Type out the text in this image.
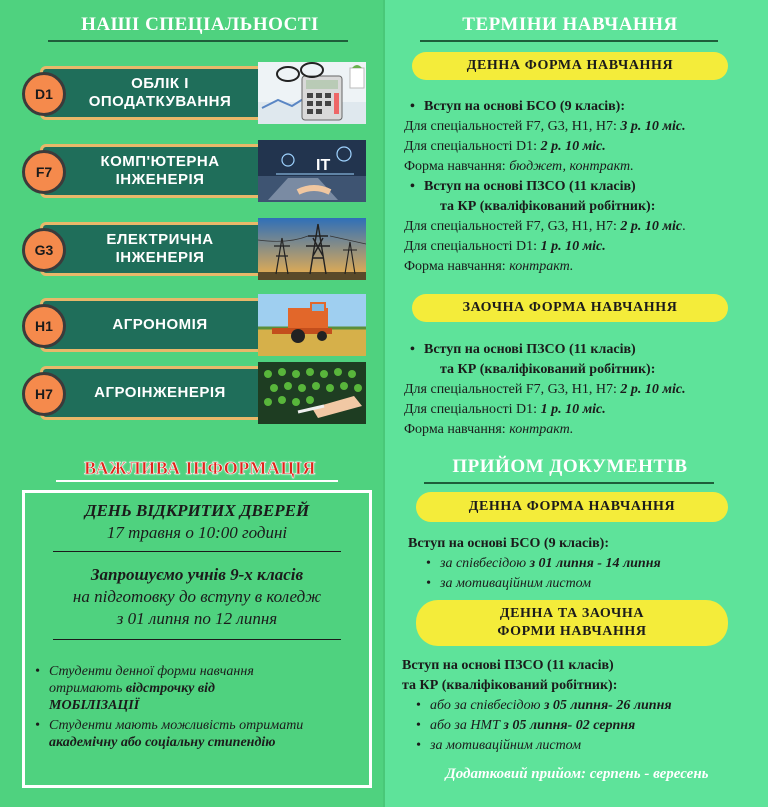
НАШІ СПЕЦІАЛЬНОСТІ
D1
ОБЛІК І
ОПОДАТКУВАННЯ
F7
КОМП'ЮТЕРНА
ІНЖЕНЕРІЯ
IT
G3
ЕЛЕКТРИЧНА
ІНЖЕНЕРІЯ
H1	АГРОНОМІЯ
H7	АГРОІНЖЕНЕРІЯ
ВАЖЛИВА ІНФОРМАЦІЯ
ДЕНЬ ВІДКРИТИХ ДВЕРЕЙ
17 травня о 10:00 годині
Запрошуємо учнів 9-х класів
на підготовку до вступу в коледж
з 01 липня по 12 липня
Студенти денної форми навчання
отримають відстрочку від
МОБІЛІЗАЦІЇ
Студенти мають можливість отримати
академічну або соціальну стипендію
ТЕРМІНИ НАВЧАННЯ
ДЕННА ФОРМА НАВЧАННЯ
• Вступ на основі БСО (9 класів):
Для спеціальностей F7, G3, H1, H7: 3 р. 10 міс.
Для спеціальності D1: 2 р. 10 міс.
Форма навчання: бюджет, контракт.
• Вступ на основі ПЗСО (11 класів)
та КР (кваліфікований робітник):
Для спеціальностей F7, G3, H1, H7: 2 р. 10 міс.
Для спеціальності D1: 1 р. 10 міс.
Форма навчання: контракт.
ЗАОЧНА ФОРМА НАВЧАННЯ
• Вступ на основі ПЗСО (11 класів)
та КР (кваліфікований робітник):
Для спеціальностей F7, G3, H1, H7: 2 р. 10 міс.
Для спеціальності D1: 1 р. 10 міс.
Форма навчання: контракт.
ПРИЙОМ ДОКУМЕНТІВ
ДЕННА ФОРМА НАВЧАННЯ
Вступ на основі БСО (9 класів):
• за співбесідою з 01 липня - 14 липня
• за мотиваційним листом
ДЕННА ТА ЗАОЧНА
ФОРМИ НАВЧАННЯ
Вступ на основі ПЗСО (11 класів)
та КР (кваліфікований робітник):
• або за співбесідою з 05 липня- 26 липня
• або за НМТ з 05 липня- 02 серпня
• за мотиваційним листом
Додатковий прийом: серпень - вересень
